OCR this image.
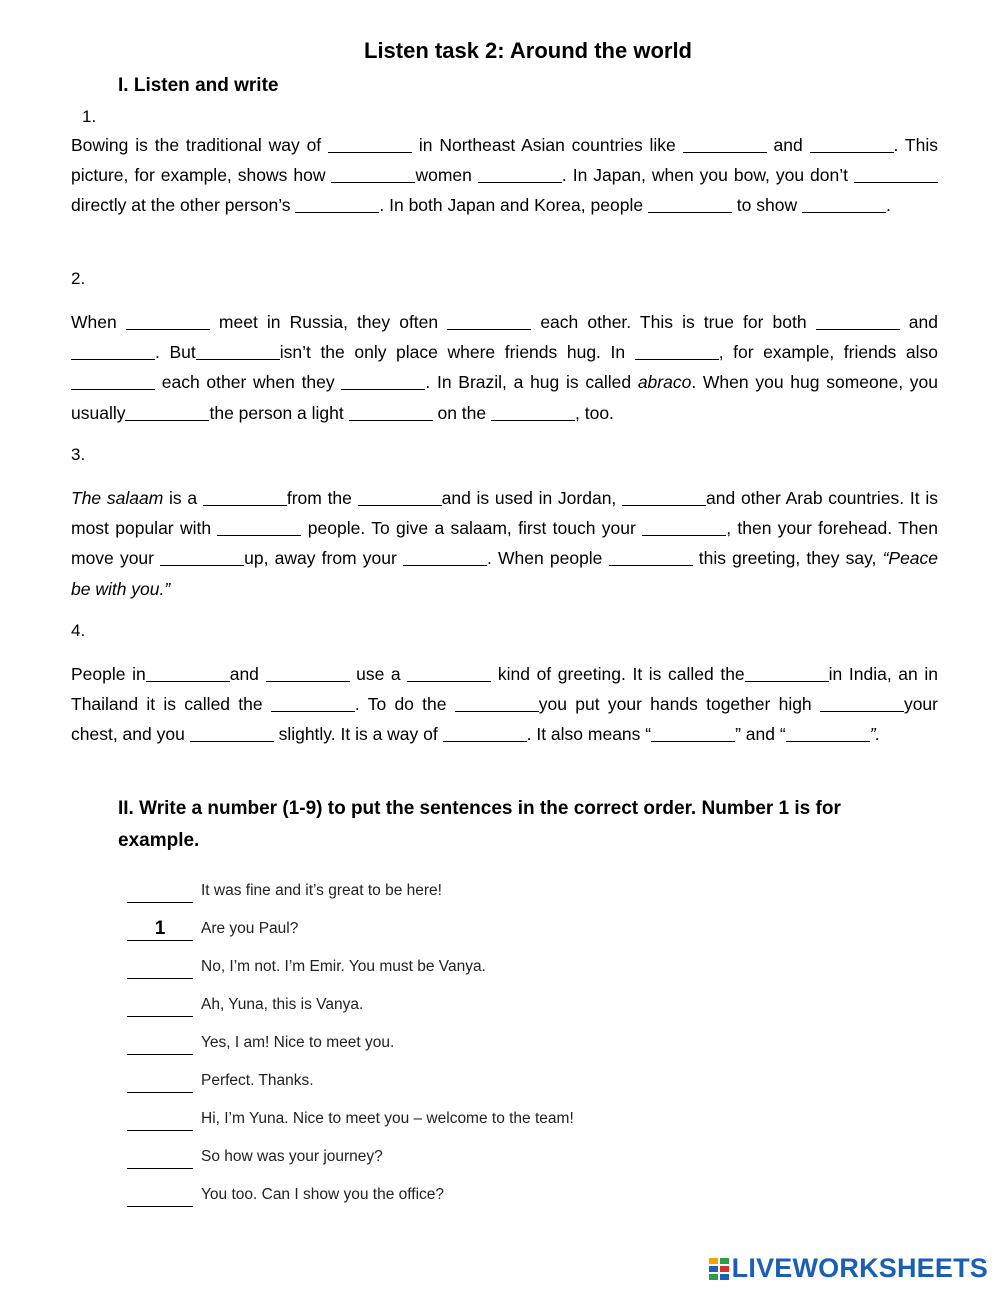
Listen task 2: Around the world
I. Listen and write
1.
Bowing is the traditional way of	in Northeast Asian countries like	and	. This picture, for example, shows how	women	. In Japan, when you bow, you don’t  directly at the other person’s	. In both Japan and Korea, people	to show	.
2.
When	meet in Russia, they often	each other. This is true for both	and . But	isn’t the only place where friends hug. In	, for example, friends also  each other when they	. In Brazil, a hug is called abraco. When you hug someone, you usually	the person a light	on the	, too.
3.
The salaam is a	from the	and is used in Jordan,	and other Arab countries. It is most popular with	people. To give a salaam, first touch your	, then your forehead. Then move your	up, away from your	. When people	this greeting, they say, “Peace be with you.”
4.
People in	and	use a	kind of greeting. It is called the	in India, an in Thailand it is called the	. To do the	you put your hands together high	your chest, and you	slightly. It is a way of	. It also means “	” and “	”.
II. Write a number (1-9) to put the sentences in the correct order. Number 1 is for example.
It was fine and it’s great to be here!
1	Are you Paul?
No, I’m not. I’m Emir. You must be Vanya.
Ah, Yuna, this is Vanya.
Yes, I am! Nice to meet you.
Perfect. Thanks.
Hi, I’m Yuna. Nice to meet you – welcome to the team!
So how was your journey?
You too. Can I show you the office?
LIVEWORKSHEETS
